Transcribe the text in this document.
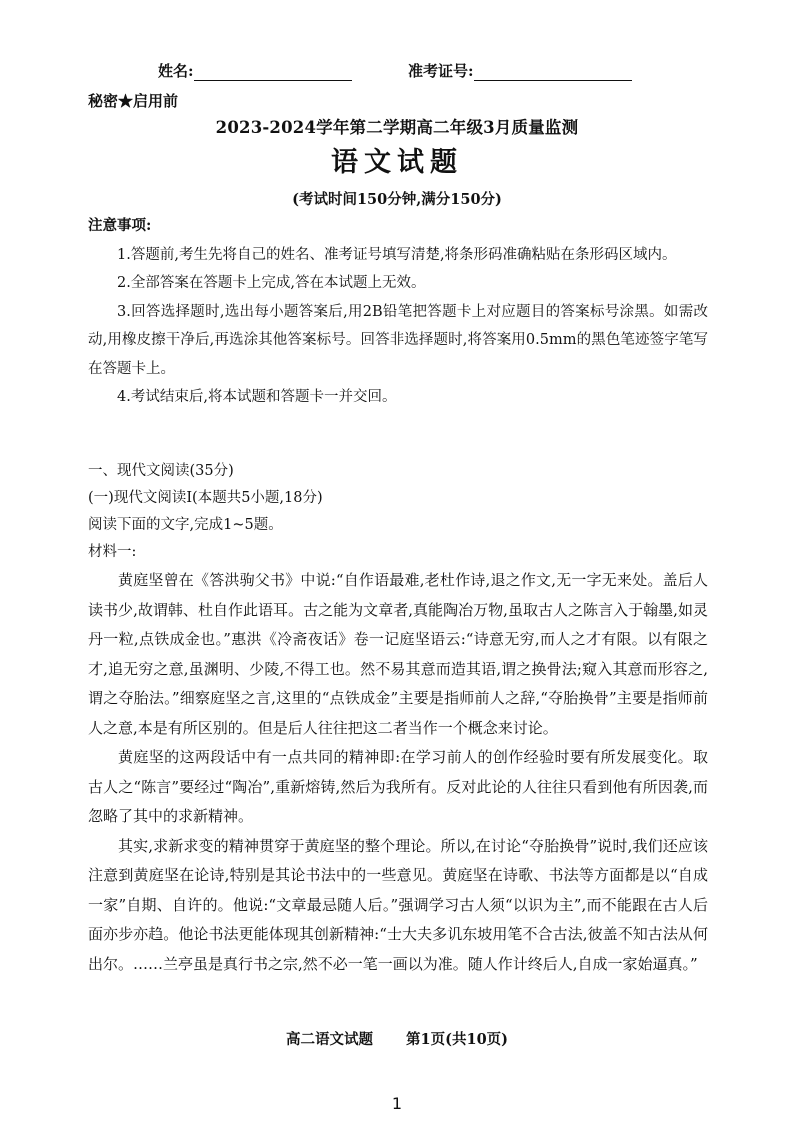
姓名:	准考证号:
秘密★启用前
2023-2024学年第二学期高二年级3月质量监测
语文试题
(考试时间150分钟,满分150分)

注意事项:

1.答题前,考生先将自己的姓名、准考证号填写清楚,将条形码准确粘贴在条形码区域内。

2.全部答案在答题卡上完成,答在本试题上无效。

3.回答选择题时,选出每小题答案后,用2B铅笔把答题卡上对应题目的答案标号涂黑。如需改动,用橡皮擦干净后,再选涂其他答案标号。回答非选择题时,将答案用0.5mm的黑色笔迹签字笔写在答题卡上。

4.考试结束后,将本试题和答题卡一并交回。

一、现代文阅读(35分)
(一)现代文阅读Ⅰ(本题共5小题,18分)
阅读下面的文字,完成1~5题。
材料一:

黄庭坚曾在《答洪驹父书》中说:“自作语最难,老杜作诗,退之作文,无一字无来处。盖后人读书少,故谓韩、杜自作此语耳。古之能为文章者,真能陶冶万物,虽取古人之陈言入于翰墨,如灵丹一粒,点铁成金也。”惠洪《冷斋夜话》卷一记庭坚语云:“诗意无穷,而人之才有限。以有限之才,追无穷之意,虽渊明、少陵,不得工也。然不易其意而造其语,谓之换骨法;窥入其意而形容之,谓之夺胎法。”细察庭坚之言,这里的“点铁成金”主要是指师前人之辞,“夺胎换骨”主要是指师前人之意,本是有所区别的。但是后人往往把这二者当作一个概念来讨论。

黄庭坚的这两段话中有一点共同的精神即:在学习前人的创作经验时要有所发展变化。取古人之“陈言”要经过“陶冶”,重新熔铸,然后为我所有。反对此论的人往往只看到他有所因袭,而忽略了其中的求新精神。

其实,求新求变的精神贯穿于黄庭坚的整个理论。所以,在讨论“夺胎换骨”说时,我们还应该注意到黄庭坚在论诗,特别是其论书法中的一些意见。黄庭坚在诗歌、书法等方面都是以“自成一家”自期、自许的。他说:“文章最忌随人后。”强调学习古人须“以识为主”,而不能跟在古人后面亦步亦趋。他论书法更能体现其创新精神:“士大夫多讥东坡用笔不合古法,彼盖不知古法从何出尔。……兰亭虽是真行书之宗,然不必一笔一画以为准。随人作计终后人,自成一家始逼真。”

高二语文试题 第1页(共10页)
1
